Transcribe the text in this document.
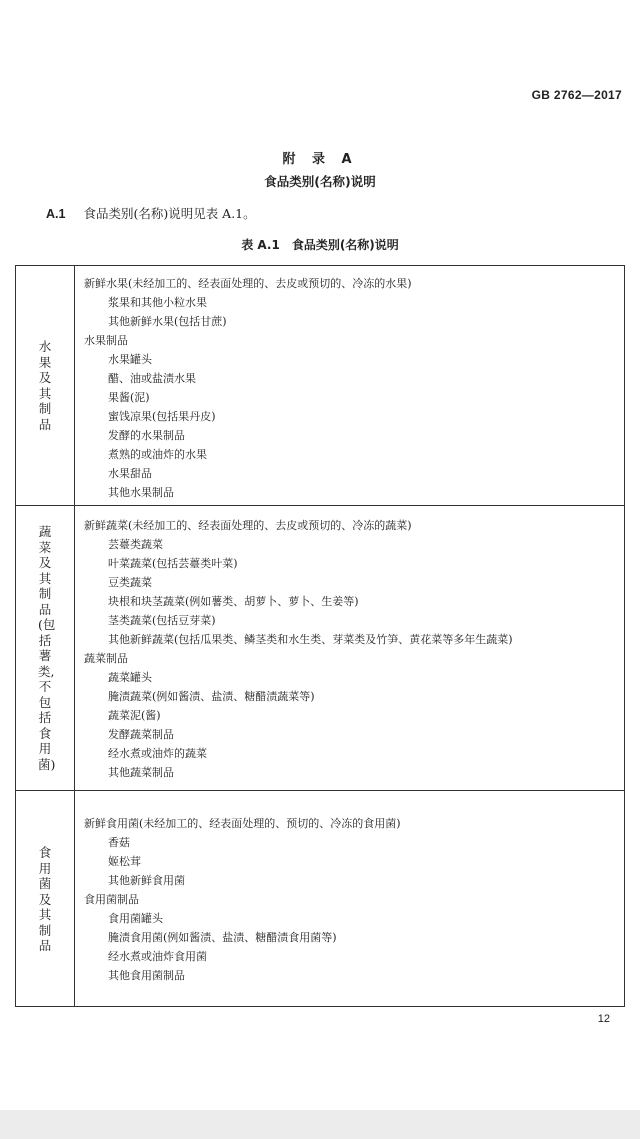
GB 2762—2017
附 录 A
食品类别(名称)说明
A.1 食品类别(名称)说明见表 A.1。
表 A.1 食品类别(名称)说明
水果及其制品
新鲜水果(未经加工的、经表面处理的、去皮或预切的、冷冻的水果)
浆果和其他小粒水果
其他新鲜水果(包括甘蔗)
水果制品
水果罐头
醋、油或盐渍水果
果酱(泥)
蜜饯凉果(包括果丹皮)
发酵的水果制品
煮熟的或油炸的水果
水果甜品
其他水果制品
蔬菜及其制品(包括薯类,不包括食用菌)
新鲜蔬菜(未经加工的、经表面处理的、去皮或预切的、冷冻的蔬菜)
芸薹类蔬菜
叶菜蔬菜(包括芸薹类叶菜)
豆类蔬菜
块根和块茎蔬菜(例如薯类、胡萝卜、萝卜、生姜等)
茎类蔬菜(包括豆芽菜)
其他新鲜蔬菜(包括瓜果类、鳞茎类和水生类、芽菜类及竹笋、黄花菜等多年生蔬菜)
蔬菜制品
蔬菜罐头
腌渍蔬菜(例如酱渍、盐渍、糖醋渍蔬菜等)
蔬菜泥(酱)
发酵蔬菜制品
经水煮或油炸的蔬菜
其他蔬菜制品
食用菌及其制品
新鲜食用菌(未经加工的、经表面处理的、预切的、冷冻的食用菌)
香菇
姬松茸
其他新鲜食用菌
食用菌制品
食用菌罐头
腌渍食用菌(例如酱渍、盐渍、糖醋渍食用菌等)
经水煮或油炸食用菌
其他食用菌制品
12
